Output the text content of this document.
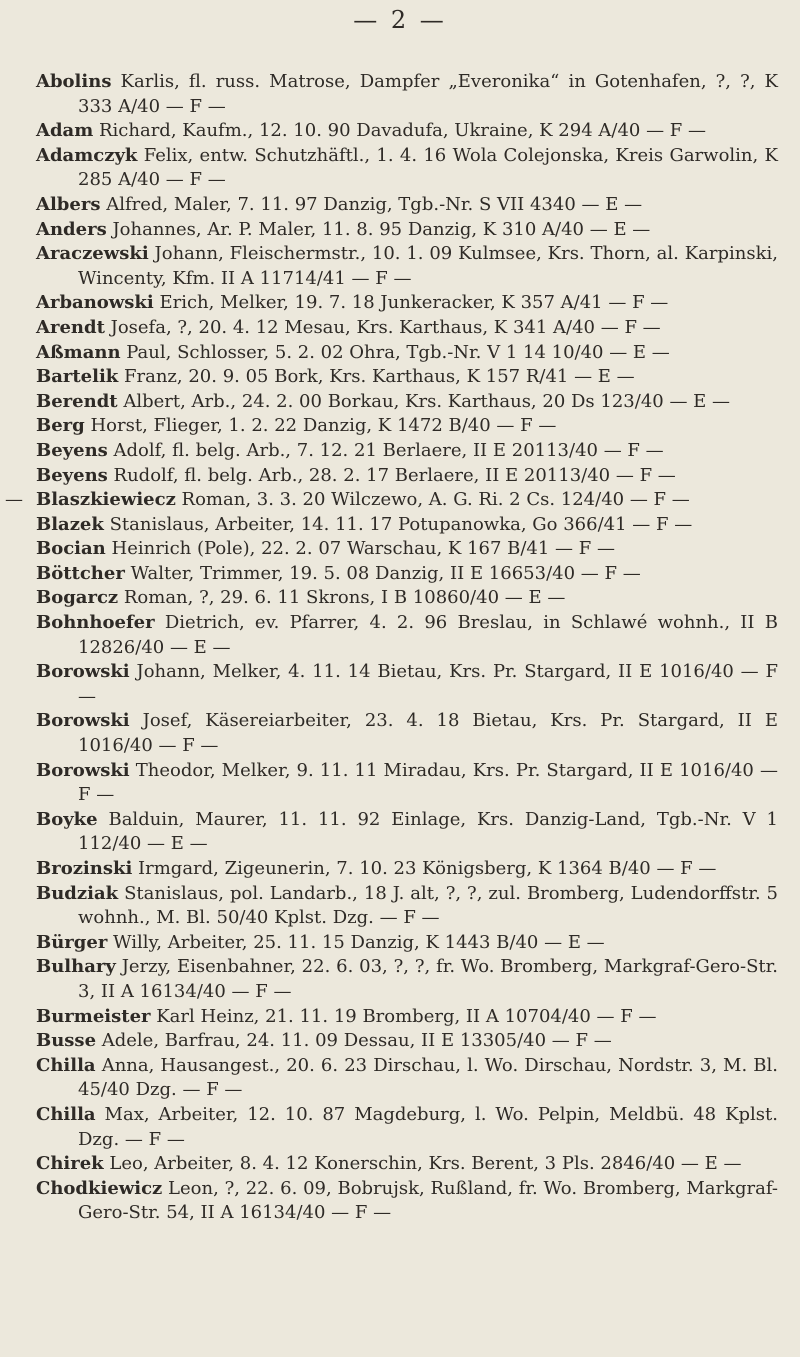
— 2 —
Abolins Karlis, fl. russ. Matrose, Dampfer „Everonika“ in Gotenhafen, ?, ?, K 333 A/40 — F —
Adam Richard, Kaufm., 12. 10. 90 Davadufa, Ukraine, K 294 A/40 — F —
Adamczyk Felix, entw. Schutzhäftl., 1. 4. 16 Wola Colejonska, Kreis Garwolin, K 285 A/40 — F —
Albers Alfred, Maler, 7. 11. 97 Danzig, Tgb.-Nr. S VII 4340 — E —
Anders Johannes, Ar. P. Maler, 11. 8. 95 Danzig, K 310 A/40 — E —
Araczewski Johann, Fleischermstr., 10. 1. 09 Kulmsee, Krs. Thorn, al. Karpinski, Wincenty, Kfm. II A 11714/41 — F —
Arbanowski Erich, Melker, 19. 7. 18 Junkeracker, K 357 A/41 — F —
Arendt Josefa, ?, 20. 4. 12 Mesau, Krs. Karthaus, K 341 A/40 — F —
Aßmann Paul, Schlosser, 5. 2. 02 Ohra, Tgb.-Nr. V 1 14 10/40 — E —
Bartelik Franz, 20. 9. 05 Bork, Krs. Karthaus, K 157 R/41 — E —
Berendt Albert, Arb., 24. 2. 00 Borkau, Krs. Karthaus, 20 Ds 123/40 — E —
Berg Horst, Flieger, 1. 2. 22 Danzig, K 1472 B/40 — F —
Beyens Adolf, fl. belg. Arb., 7. 12. 21 Berlaere, II E 20113/40 — F —
Beyens Rudolf, fl. belg. Arb., 28. 2. 17 Berlaere, II E 20113/40 — F —
— Blaszkiewiecz Roman, 3. 3. 20 Wilczewo, A. G. Ri. 2 Cs. 124/40 — F —
Blazek Stanislaus, Arbeiter, 14. 11. 17 Potupanowka, Go 366/41 — F —
Bocian Heinrich (Pole), 22. 2. 07 Warschau, K 167 B/41 — F —
Böttcher Walter, Trimmer, 19. 5. 08 Danzig, II E 16653/40 — F —
Bogarcz Roman, ?, 29. 6. 11 Skrons, I B 10860/40 — E —
Bohnhoefer Dietrich, ev. Pfarrer, 4. 2. 96 Breslau, in Schlawé wohnh., II B 12826/40 — E —
Borowski Johann, Melker, 4. 11. 14 Bietau, Krs. Pr. Stargard, II E 1016/40 — F —
Borowski Josef, Käsereiarbeiter, 23. 4. 18 Bietau, Krs. Pr. Stargard, II E 1016/40 — F —
Borowski Theodor, Melker, 9. 11. 11 Miradau, Krs. Pr. Stargard, II E 1016/40 — F —
Boyke Balduin, Maurer, 11. 11. 92 Einlage, Krs. Danzig-Land, Tgb.-Nr. V 1 112/40 — E —
Brozinski Irmgard, Zigeunerin, 7. 10. 23 Königsberg, K 1364 B/40 — F —
Budziak Stanislaus, pol. Landarb., 18 J. alt, ?, ?, zul. Bromberg, Ludendorffstr. 5 wohnh., M. Bl. 50/40 Kplst. Dzg. — F —
Bürger Willy, Arbeiter, 25. 11. 15 Danzig, K 1443 B/40 — E —
Bulhary Jerzy, Eisenbahner, 22. 6. 03, ?, ?, fr. Wo. Bromberg, Markgraf-Gero-Str. 3, II A 16134/40 — F —
Burmeister Karl Heinz, 21. 11. 19 Bromberg, II A 10704/40 — F —
Busse Adele, Barfrau, 24. 11. 09 Dessau, II E 13305/40 — F —
Chilla Anna, Hausangest., 20. 6. 23 Dirschau, l. Wo. Dirschau, Nordstr. 3, M. Bl. 45/40 Dzg. — F —
Chilla Max, Arbeiter, 12. 10. 87 Magdeburg, l. Wo. Pelpin, Meldbü. 48 Kplst. Dzg. — F —
Chirek Leo, Arbeiter, 8. 4. 12 Konerschin, Krs. Berent, 3 Pls. 2846/40 — E —
Chodkiewicz Leon, ?, 22. 6. 09, Bobrujsk, Rußland, fr. Wo. Bromberg, Markgraf-Gero-Str. 54, II A 16134/40 — F —
